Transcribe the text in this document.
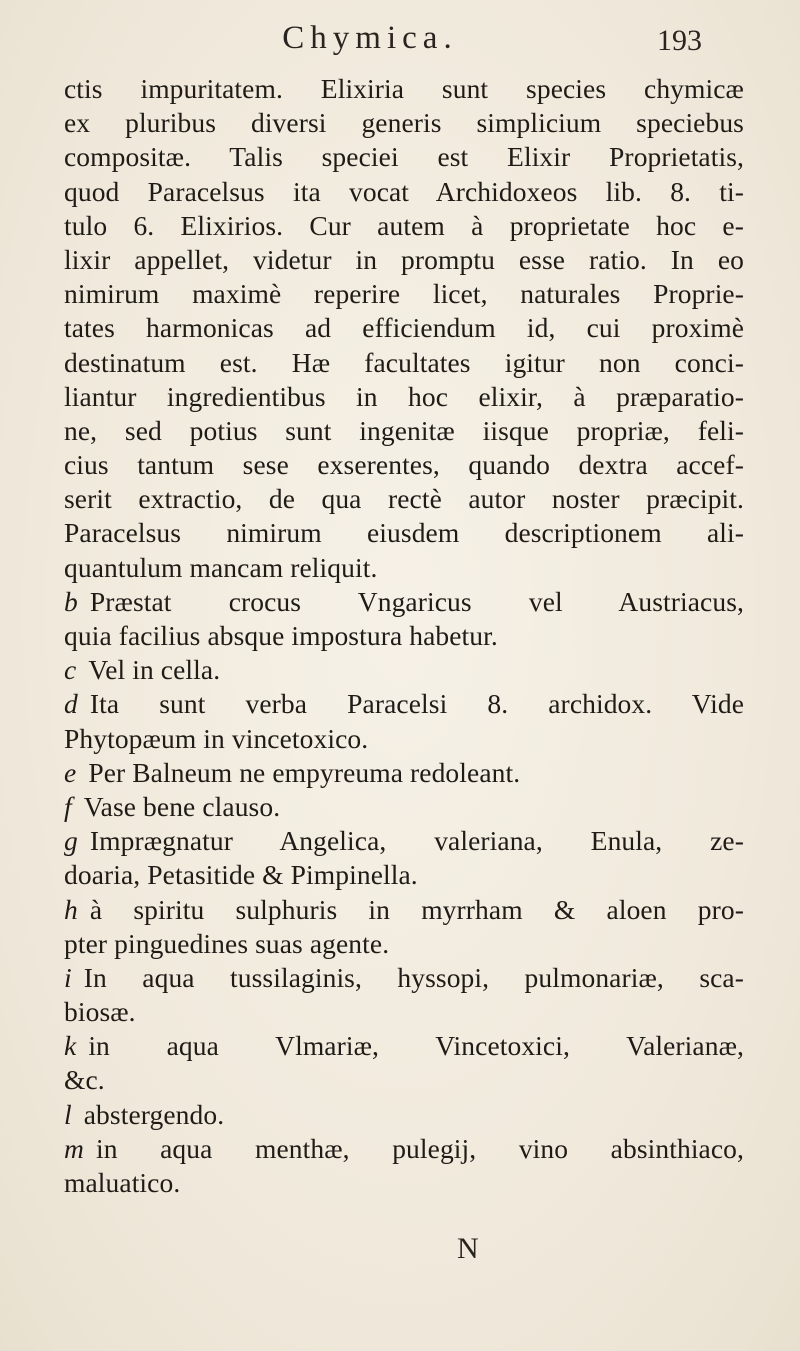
Chymica.	193
ctis impuritatem. Elixiria sunt species chymicæ
ex pluribus diversi generis simplicium speciebus
compositæ. Talis speciei est Elixir Proprietatis,
quod Paracelsus ita vocat Archidoxeos lib. 8. ti-
tulo 6. Elixirios. Cur autem à proprietate hoc e-
lixir appellet, videtur in promptu esse ratio. In eo
nimirum maximè reperire licet, naturales Proprie-
tates harmonicas ad efficiendum id, cui proximè
destinatum est. Hæ facultates igitur non conci-
liantur ingredientibus in hoc elixir, à præparatio-
ne, sed potius sunt ingenitæ iisque propriæ, feli-
cius tantum sese exserentes, quando dextra accef-
serit extractio, de qua rectè autor noster præcipit.
Paracelsus nimirum eiusdem descriptionem ali-
quantulum mancam reliquit.
b Præstat crocus Vngaricus vel Austriacus,
quia facilius absque impostura habetur.
c Vel in cella.
d Ita sunt verba Paracelsi 8. archidox. Vide
Phytopæum in vincetoxico.
e Per Balneum ne empyreuma redoleant.
f Vase bene clauso.
g Imprægnatur Angelica, valeriana, Enula, ze-
doaria, Petasitide & Pimpinella.
h à spiritu sulphuris in myrrham & aloen pro-
pter pinguedines suas agente.
i In aqua tussilaginis, hyssopi, pulmonariæ, sca-
biosæ.
k in aqua Vlmariæ, Vincetoxici, Valerianæ,
&c.
l abstergendo.
m in aqua menthæ, pulegij, vino absinthiaco,
maluatico.
N
